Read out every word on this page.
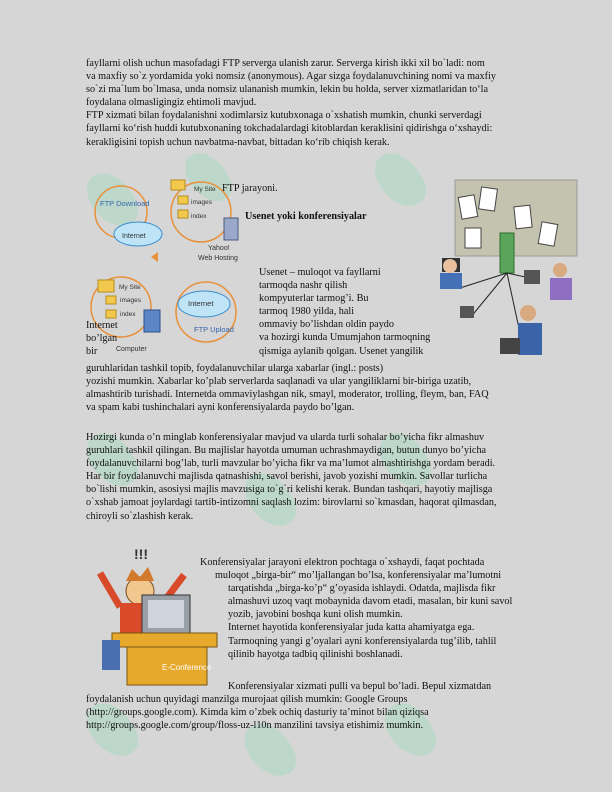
fayllarni olish uchun masofadagi FTP serverga ulanish zarur. Serverga kirish ikki xil bo`ladi: nom
va maxfiy so`z yordamida yoki nomsiz (anonymous). Agar sizga foydalanuvchining nomi va maxfiy
so`zi ma`lum bo`lmasa, unda nomsiz ulananish mumkin, lekin bu holda, server xizmatlaridan to‘la
foydalana olmasligingiz ehtimoli mavjud.
FTP xizmati bilan foydalanishni xodimlarsiz kutubxonaga o`xshatish mumkin, chunki serverdagi
fayllarni ko‘rish huddi kutubxonaning tokchadalardagi kitoblardan keraklisini qidirishga o‘xshaydi:
kerakligisini topish uchun navbatma-navbat, bittadan ko‘rib chiqish kerak.
FTP Download
Internet
My Site
images
index
Yahoo!
Web Hosting
My Site
images
index
Internet
FTP Upload
Computer
FTP jarayoni.
Usenet yoki konferensiyalar
Usenet – muloqot va fayllarni
tarmoqda nashr qilish
kompyuterlar tarmog’i. Bu
tarmoq 1980 yilda, hali
ommaviy bo’lishdan oldin paydo
va hozirgi kunda Umumjahon tarmoqning
qismiga aylanib qolgan. Usenet yangilik
Internet
bo’lgan
bir
guruhlaridan tashkil topib, foydalanuvchilar ularga xabarlar (ingl.: posts)
yozishi mumkin. Xabarlar ko’plab serverlarda saqlanadi va ular yangiliklarni bir-biriga uzatib,
almashtirib turishadi. Internetda ommaviylashgan nik, smayl, moderator, trolling, fleym, ban, FAQ
va spam kabi tushinchalari ayni konferensiyalarda paydo bo’lgan.
Hozirgi kunda o’n minglab konferensiyalar mavjud va ularda turli sohalar bo’yicha fikr almashuv
guruhlari tashkil qilingan. Bu majlislar hayotda umuman uchrashmaydigan, butun dunyo bo’yicha
foydalanuvchilarni bog’lab, turli mavzular bo’yicha fikr va ma’lumot almashtirishga yordam beradi.
Har bir foydalanuvchi majlisda qatnashishi, savol berishi, javob yozishi mumkin. Savollar turlicha
bo`lishi mumkin, asosiysi majlis mavzusiga to`g`ri kelishi kerak. Bundan tashqari, hayotiy majlisga
o`xshab jamoat joylardagi tartib-intizomni saqlash lozim: birovlarni so`kmasdan, haqorat qilmasdan,
chiroyli so`zlashish kerak.
!!!
E-Conference
Konferensiyalar jarayoni elektron pochtaga o`xshaydi, faqat pochtada
muloqot „birga-bir“ mo’ljallangan bo’lsa, konferensiyalar ma’lumotni
tarqatishda „birga-ko’p“ g’oyasida ishlaydi. Odatda, majlisda fikr
almashuvi uzoq vaqt mobaynida davom etadi, masalan, bir kuni savol
yozib, javobini boshqa kuni olish mumkin.
Internet hayotida konferensiyalar juda katta ahamiyatga ega.
Tarmoqning yangi g’oyalari ayni konferensiyalarda tug’ilib, tahlil
qilinib hayotga tadbiq qilinishi boshlanadi.
Konferensiyalar xizmati pulli va bepul bo’ladi. Bepul xizmatdan
foydalanish uchun quyidagi manzilga murojaat qilish mumkin: Google Groups
(http://groups.google.com). Kimda kim o’zbek ochiq dasturiy ta’minot bilan qiziqsa
http://groups.google.com/group/floss-uz-l10n manzilini tavsiya etishimiz mumkin.
